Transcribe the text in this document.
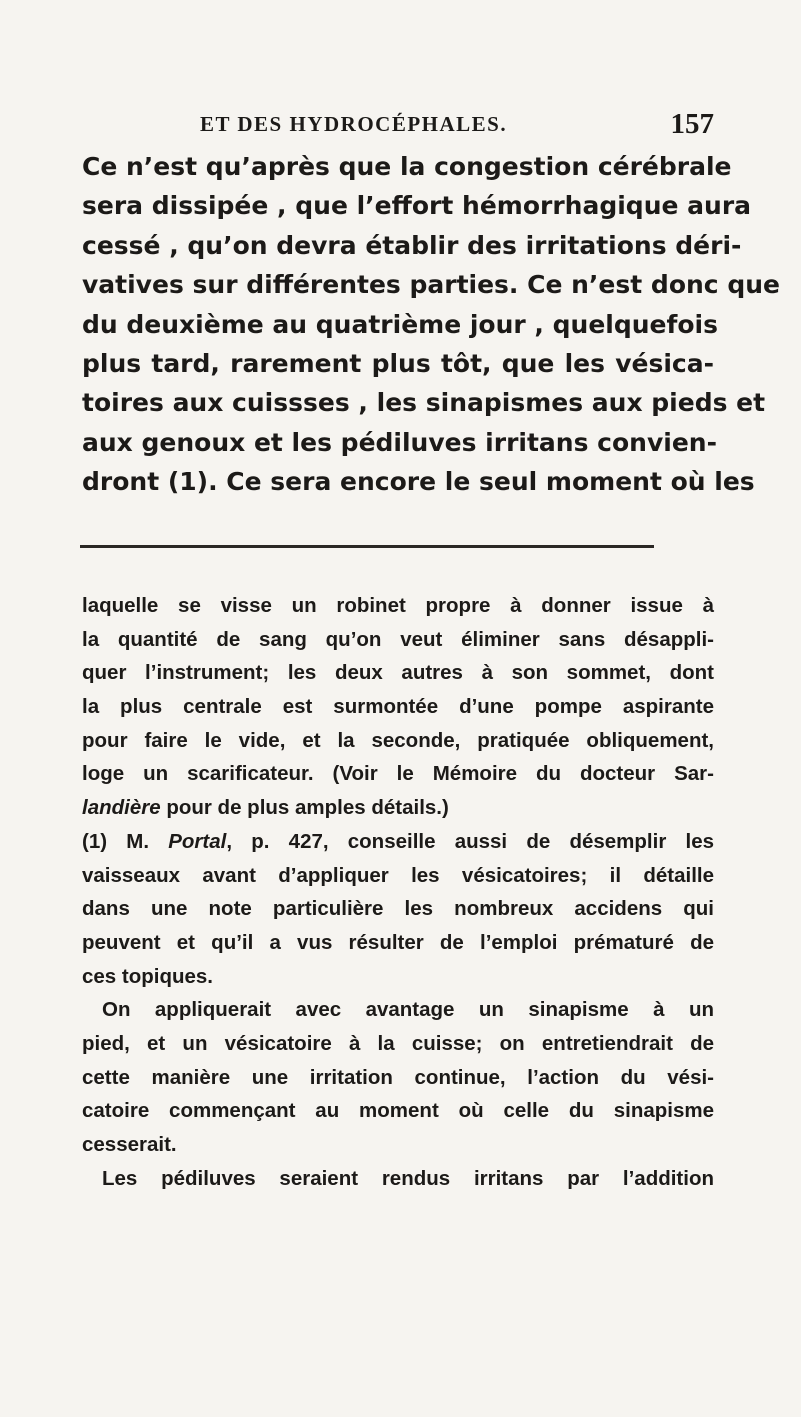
ET DES HYDROCÉPHALES.	157
Ce n’est qu’après que la congestion cérébrale
sera dissipée , que l’effort hémorrhagique aura
cessé , qu’on devra établir des irritations déri-
vatives sur différentes parties. Ce n’est donc que
du deuxième au quatrième jour , quelquefois
plus tard, rarement plus tôt, que les vésica-
toires aux cuissses , les sinapismes aux pieds et
aux genoux et les pédiluves irritans convien-
dront (1). Ce sera encore le seul moment où les
laquelle se visse un robinet propre à donner issue à
la quantité de sang qu’on veut éliminer sans désappli-
quer l’instrument; les deux autres à son sommet, dont
la plus centrale est surmontée d’une pompe aspirante
pour faire le vide, et la seconde, pratiquée obliquement,
loge un scarificateur. (Voir le Mémoire du docteur Sar-
landière pour de plus amples détails.)
(1) M. Portal, p. 427, conseille aussi de désemplir les
vaisseaux avant d’appliquer les vésicatoires; il détaille
dans une note particulière les nombreux accidens qui
peuvent et qu’il a vus résulter de l’emploi prématuré de
ces topiques.
On appliquerait avec avantage un sinapisme à un
pied, et un vésicatoire à la cuisse; on entretiendrait de
cette manière une irritation continue, l’action du vési-
catoire commençant au moment où celle du sinapisme
cesserait.
Les pédiluves seraient rendus irritans par l’addition
